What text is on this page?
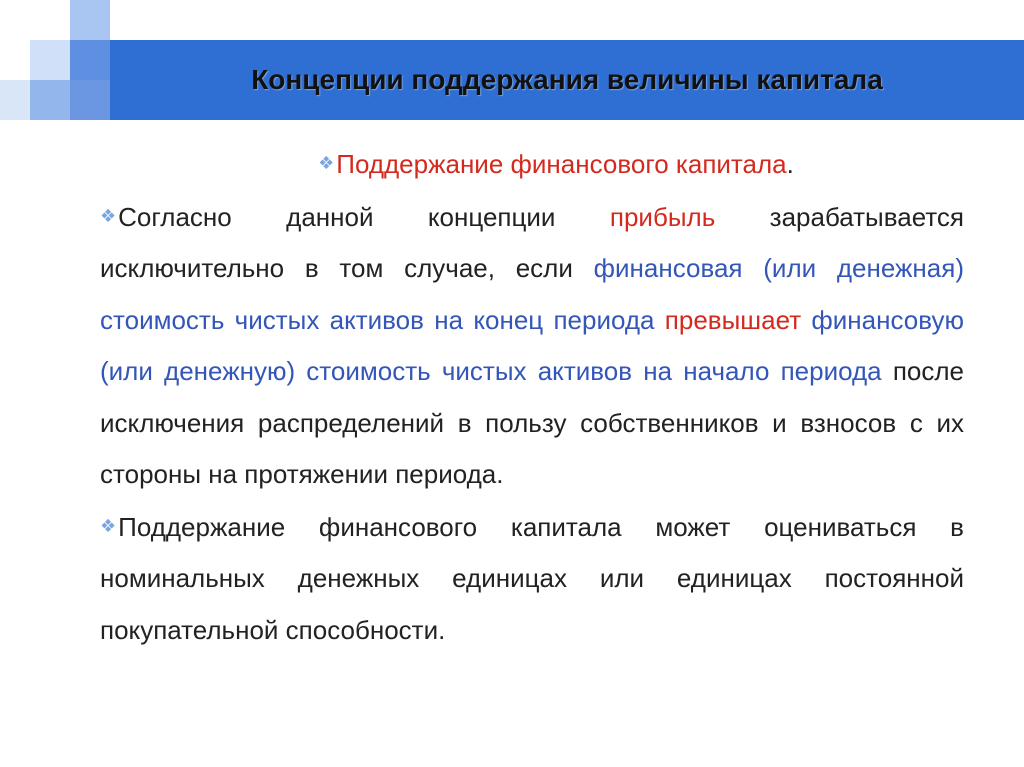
Концепции поддержания величины капитала
❖Поддержание финансового капитала.

❖Согласно данной концепции прибыль зарабатывается исключительно в том случае, если финансовая (или денежная) стоимость чистых активов на конец периода превышает финансовую (или денежную) стоимость чистых активов на начало периода после исключения распределений в пользу собственников и взносов с их стороны на протяжении периода.

❖Поддержание финансового капитала может оцениваться в номинальных денежных единицах или единицах постоянной покупательной способности.
